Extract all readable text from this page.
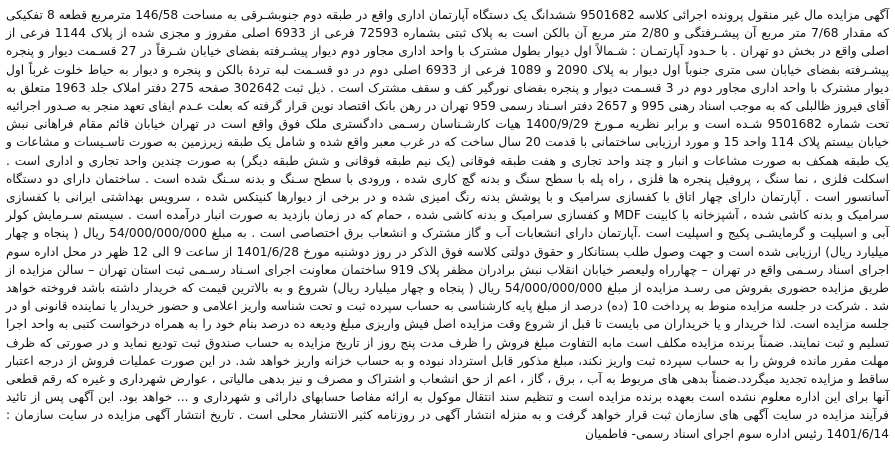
آگهی مزایده مال غیر منقول پرونده اجرائی کلاسه 9501682 ششدانگ یک دستگاه آپارتمان اداری واقع در طبقه دوم جنوبشـرقی به مساحت 146/58 مترمربع قطعه 8 تفکیکی که مقدار 7/68 متر مربع آن پیشـرفتگی و 2/80 متر مربع آن بالکن است به پلاک ثبتی بشماره 72593 فرعی از 6933 اصلی مفروز و مجزی شده از پلاک 1144 فرعی از اصلی واقع در بخش دو تهران . با حـدود آپارتمـان : شـمالاً اول دیوار بطول مشترک با واحد اداری مجاور دوم دیوار پیشـرفته بفضای خیابان شـرقاً در 27 قسـمت دیوار و پنجره پیشـرفته بفضای خیابان سی متری جنوباً اول دیوار به پلاک 2090 و 1089 فرعی از 6933 اصلی دوم در دو قسـمت لبه تردۀ بالکن و پنجره و دیوار به حیاط خلوت غرباً اول دیوار مشترک با واحد اداری مجاور دوم در 3 قسـمت دیوار و پنجره بفضای نورگیر کف و سقف مشترک است . ذیل ثبت 302642 صفحه 275 دفتر املاک جلد 1963 متعلق به آقای فیروز ظالبلی که به موجب اسناد رهنی 995 و 2657 دفتر اسـناد رسمی 959 تهران در رهن بانک اقتصاد نوین قرار گرفته که بعلت عـدم ایفای تعهد منجر به صـدور اجرائیه تحت شماره 9501682 شـده است و برابر نظریه مـورخ 1400/9/29 هیات کارشـناسان رسـمی دادگستری ملک فوق واقع است در تهران خیابان قائم مقام فراهانی نبش خیابان بیستم پلاک 114 واحد 15 و مورد ارزیابی ساختمانی با قدمت 20 سال ساخت که در غرب معبر واقع شده و شامل یک طبقه زیرزمین به صورت تاسـیسات و مشاعات و یک طبقه همکف به صورت مشاعات و انبار و چند واحد تجاری و هفت طبقه فوقانی (یک نیم طبقه فوقانی و شش طبقه دیگر) به صورت چندین واحد تجاری و اداری است . اسکلت فلزی ، نما سنگ ، پروفیل پنجره ها فلزی ، راه پله با سطح سنگ و بدنه گچ کاری شده ، ورودی با سطح سـنگ و بدنه سـنگ شده است . ساختمان دارای دو دستگاه آسانسور است . آپارتمان دارای چهار اتاق با کفسازی سرامیک و با پوشش بدنه رنگ امیزی شده و در برخی از دیوارها کنیتکس شده ، سرویس بهداشتی ایرانی با کفسازی سرامیک و بدنه کاشی شده ، آشپزخانه با کابینت MDF و کفسازی سرامیک و بدنه کاشی شده ، حمام که در زمان بازدید به صورت انبار درآمده است . سیستم سـرمایش کولر آبی و اسپلیت و گرمایشـی پکیج و اسپلیت است .آپارتمان دارای انشعابات آب و گاز مشترک و انشعاب برق اختصاصی است . به مبلغ 54/000/000/000 ریال ( پنجاه و چهار میلیارد ریال) ارزیابی شده است و جهت وصول طلب بستانکار و حقوق دولتی کلاسه فوق الذکر در روز دوشنبه مورخ 1401/6/28 از ساعت 9 الی 12 ظهر در محل اداره سوم اجرای اسناد رسـمی واقع در تهران – چهارراه ولیعصر خیابان انقلاب نبش برادران مظفر پلاک 919 ساختمان معاونت اجرای اسـناد رسـمی ثبت استان تهران – سالن مزایده از طریق مزایده حضوری بفروش می رسـد مزایده از مبلغ 54/000/000/000 ریال ( پنجاه و چهار میلیارد ریال) شروع و به بالاترین قیمت که خریدار داشته باشد فروخته خواهد شد . شرکت در جلسه مزایده منوط به پرداخت 10 (ده) درصد از مبلغ پایه کارشناسی به حساب سپرده ثبت و تحت شناسه واریز اعلامی و حضور خریدار یا نماینده قانونی او در جلسه مزایده است. لذا خریدار و یا خریداران می بایست تا قبل از شروع وقت مزایده اصل فیش واریزی مبلغ ودیعه ده درصد بنام خود را به همراه درخواست کتبی به واحد اجرا تسلیم و ثبت نمایند. ضمناً برنده مزایده مکلف است مابه التفاوت مبلغ فروش را ظرف مدت پنج روز از تاریخ مزایده به حساب صندوق ثبت تودیع نماید و در صورتی که ظرف مهلت مقرر مانده فروش را به حساب سپرده ثبت واریز نکند، مبلغ مذکور قابل استرداد نبوده و به حساب خزانه واریز خواهد شد. در این صورت عملیات فروش از درجه اعتبار ساقط و مزایده تجدید میگردد.ضمناً بدهی های مربوط به آب ، برق ، گاز ، اعم از حق انشعاب و اشتراک و مصرف و نیز بدهی مالیاتی ، عوارض شهرداری و غیره که رقم قطعی آنها برای این اداره معلوم نشده است بعهده برنده مزایده است و تنظیم سند انتقال موکول به ارائه مفاصا حسابهای دارائی و شهرداری و ... خواهد بود. این آگهی پس از تائید فرآیند مزایده در سایت آگهی های سازمان ثبت قرار خواهد گرفت و به منزله انتشار آگهی در روزنامه کثیر الانتشار محلی است . تاریخ انتشار آگهی مزایده در سایت سازمان : 1401/6/14 رئیس اداره سوم اجرای اسناد رسمی- فاطمیان
